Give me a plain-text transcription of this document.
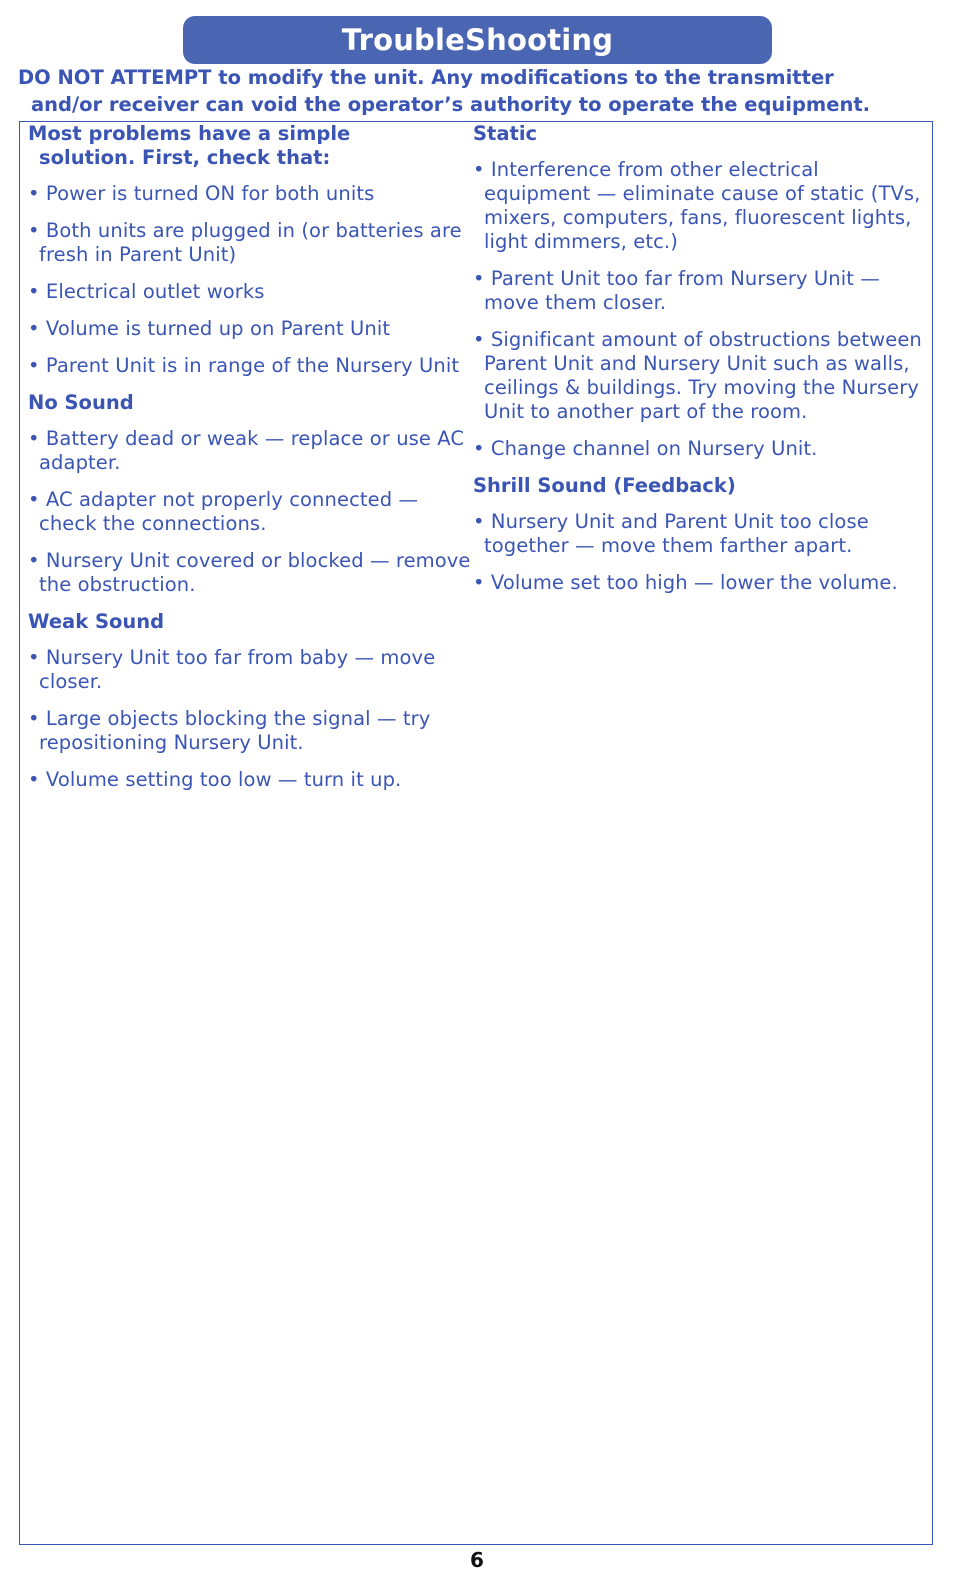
TroubleShooting
DO NOT ATTEMPT to modify the unit. Any modifications to the transmitter
and/or receiver can void the operator’s authority to operate the equipment.
Most problems have a simple
solution. First, check that:
• Power is turned ON for both units
• Both units are plugged in (or batteries are fresh in Parent Unit)
• Electrical outlet works
• Volume is turned up on Parent Unit
• Parent Unit is in range of the Nursery Unit
No Sound
• Battery dead or weak — replace or use AC adapter.
• AC adapter not properly connected — check the connections.
• Nursery Unit covered or blocked — remove the obstruction.
Weak Sound
• Nursery Unit too far from baby — move closer.
• Large objects blocking the signal — try repositioning Nursery Unit.
• Volume setting too low — turn it up.
Static
• Interference from other electrical equipment — eliminate cause of static (TVs, mixers, computers, fans, fluorescent lights, light dimmers, etc.)
• Parent Unit too far from Nursery Unit — move them closer.
• Significant amount of obstructions between Parent Unit and Nursery Unit such as walls, ceilings & buildings. Try moving the Nursery Unit to another part of the room.
• Change channel on Nursery Unit.
Shrill Sound (Feedback)
• Nursery Unit and Parent Unit too close together — move them farther apart.
• Volume set too high — lower the volume.
6
